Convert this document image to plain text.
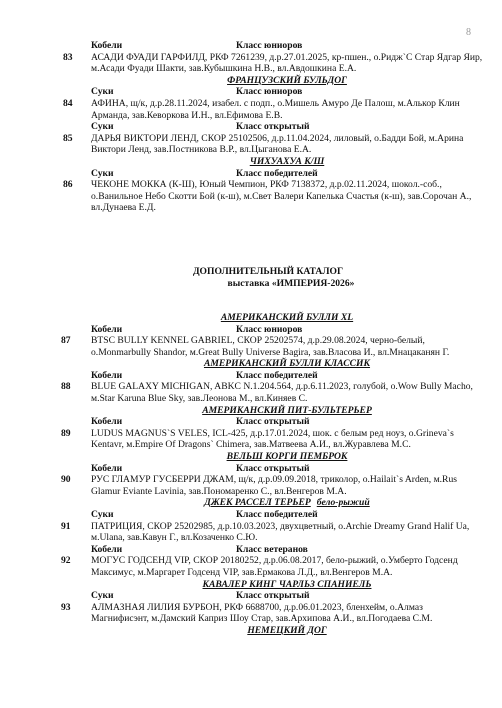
8
Кобели	Класс юниоров
83	АСАДИ ФУАДИ ГАРФИЛД, РКФ 7261239, д.р.27.01.2025, кр-пшен., о.Ридж`С Стар Ядгар Яир, м.Асади Фуади Шакти, зав.Кубышкина Н.В., вл.Авдошкина Е.А.
ФРАНЦУЗСКИЙ БУЛЬДОГ
Суки	Класс юниоров
84	АФИНА, щ/к, д.р.28.11.2024, изабел. с подп., о.Мишель Амуро Де Палош, м.Алькор Клин Арманда, зав.Кеворкова И.Н., вл.Ефимова Е.В.
Суки	Класс открытый
85	ДАРЬЯ ВИКТОРИ ЛЕНД, СКОР 25102506, д.р.11.04.2024, лиловый, о.Бадди Бой, м.Арина Виктори Ленд, зав.Постникова В.Р., вл.Цыганова Е.А.
ЧИХУАХУА К/Ш
Суки	Класс победителей
86	ЧЕКОНЕ МОККА (К-Ш), Юный Чемпион, РКФ 7138372, д.р.02.11.2024, шокол.-соб., о.Ванильное Небо Скотти Бой (к-ш), м.Свет Валери Капелька Счастья (к-ш), зав.Сорочан А., вл.Дунаева Е.Д.
ДОПОЛНИТЕЛЬНЫЙ КАТАЛОГ
выставка «ИМПЕРИЯ-2026»
АМЕРИКАНСКИЙ БУЛЛИ XL
Кобели	Класс юниоров
87	BTSC BULLY KENNEL GABRIEL, СКОР 25202574, д.р.29.08.2024, черно-белый, о.Monmarbully Shandor, м.Great Bully Universe Bagira, зав.Власова И., вл.Мнацаканян Г.
АМЕРИКАНСКИЙ БУЛЛИ КЛАССИК
Кобели	Класс победителей
88	BLUE GALAXY MICHIGAN, ABKC N.1.204.564, д.р.6.11.2023, голубой, о.Wow Bully Macho, м.Star Karuna Blue Sky, зав.Леонова М., вл.Киняев С.
АМЕРИКАНСКИЙ ПИТ-БУЛЬТЕРЬЕР
Кобели	Класс открытый
89	LUDUS MAGNUS`S VELES, ICL-425, д.р.17.01.2024, шок. с белым ред ноуз, о.Grineva`s Kentavr, м.Empire Of Dragons` Chimera, зав.Матвеева А.И., вл.Журавлева М.С.
ВЕЛЬШ КОРГИ ПЕМБРОК
Кобели	Класс открытый
90	РУС ГЛАМУР ГУСБЕРРИ ДЖАМ, щ/к, д.р.09.09.2018, триколор, о.Hailait`s Arden, м.Rus Glamur Eviante Lavinia, зав.Пономаренко С., вл.Венгеров М.А.
ДЖЕК РАССЕЛ ТЕРЬЕР бело-рыжий
Суки	Класс победителей
91	ПАТРИЦИЯ, СКОР 25202985, д.р.10.03.2023, двухцветный, о.Archie Dreamy Grand Halif Ua, м.Ulana, зав.Кавун Г., вл.Козаченко С.Ю.
Кобели	Класс ветеранов
92	МОГУС ГОДСЕНД VIP, СКОР 20180252, д.р.06.08.2017, бело-рыжий, о.Умберто Годсенд Максимус, м.Маргарет Годсенд VIP, зав.Ермакова Л.Д., вл.Венгеров М.А.
КАВАЛЕР КИНГ ЧАРЛЬЗ СПАНИЕЛЬ
Суки	Класс открытый
93	АЛМАЗНАЯ ЛИЛИЯ БУРБОН, РКФ 6688700, д.р.06.01.2023, бленхейм, о.Алмаз Магнифисэнт, м.Дамский Каприз Шоу Стар, зав.Архипова А.И., вл.Погодаева С.М.
НЕМЕЦКИЙ ДОГ
